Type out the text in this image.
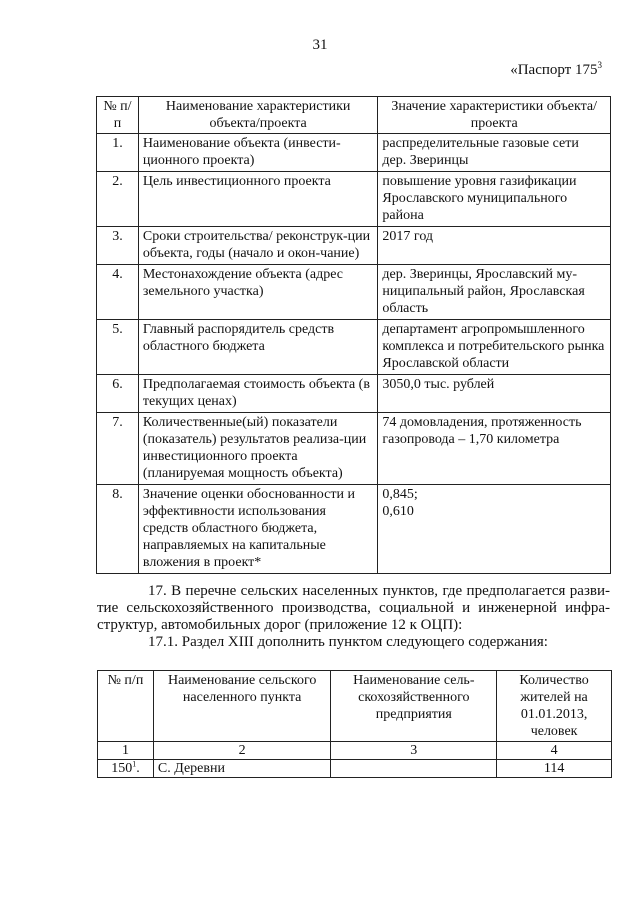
31
«Паспорт $175^3$
№ п/п	Наименование характеристики объекта/проекта	Значение характеристики объекта/проекта
1.	Наименование объекта (инвести-ционного проекта)	распределительные газовые сети дер. Зверинцы
2.	Цель инвестиционного проекта	повышение уровня газификации Ярославского муниципального района
3.	Сроки строительства/ реконструк-ции объекта, годы (начало и окон-чание)	2017 год
4.	Местонахождение объекта (адрес земельного участка)	дер. Зверинцы, Ярославский му-ниципальный район, Ярославская область
5.	Главный распорядитель средств областного бюджета	департамент агропромышленного комплекса и потребительского рынка Ярославской области
6.	Предполагаемая стоимость объекта (в текущих ценах)	3050,0 тыс. рублей
7.	Количественные(ый) показатели (показатель) результатов реализа-ции инвестиционного проекта (планируемая мощность объекта)	74 домовладения, протяженность газопровода – 1,70 километра
8.	Значение оценки обоснованности и эффективности использования средств областного бюджета, направляемых на капитальные вложения в проект*	0,845;
0,610
17. В перечне сельских населенных пунктов, где предполагается разви-тие сельскохозяйственного производства, социальной и инженерной инфра-структур, автомобильных дорог (приложение 12 к ОЦП):
17.1. Раздел XIII дополнить пунктом следующего содержания:
№ п/п	Наименование сельского населенного пункта	Наименование сель-скохозяйственного предприятия	Количество жителей на 01.01.2013, человек
1	2	3	4
$150^1$.	С. Деревни		114
